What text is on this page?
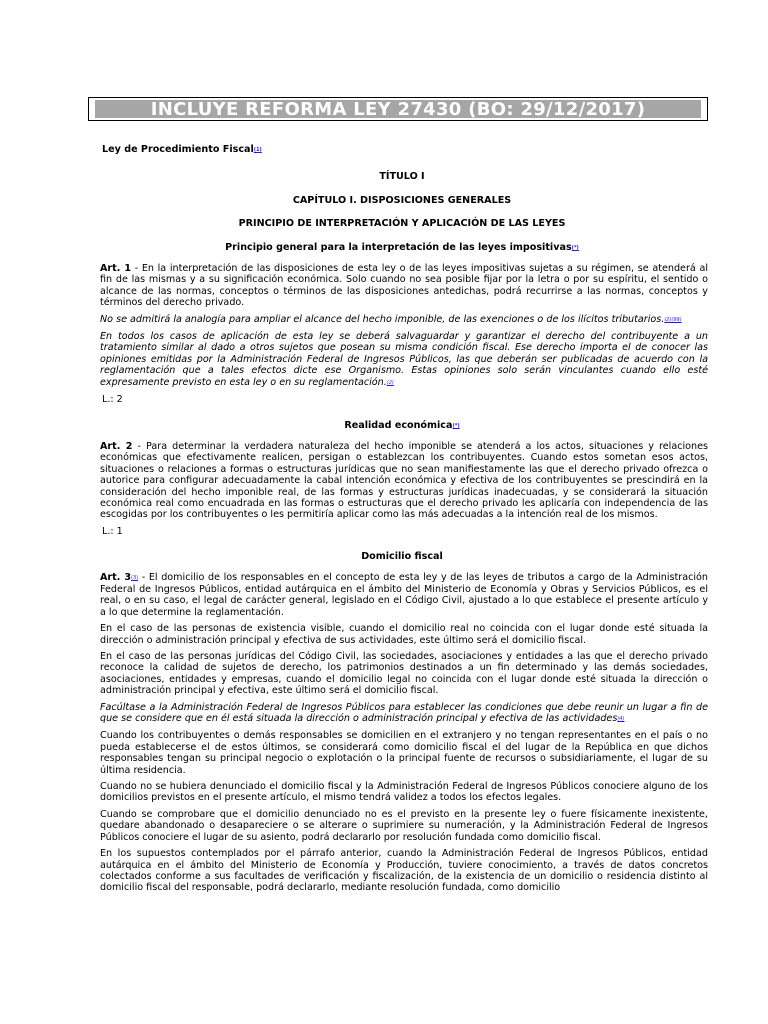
INCLUYE REFORMA LEY 27430 (BO: 29/12/2017)

Ley de Procedimiento Fiscal$^{(1)}$

TÍTULO I

CAPÍTULO I. DISPOSICIONES GENERALES

PRINCIPIO DE INTERPRETACIÓN Y APLICACIÓN DE LAS LEYES

Principio general para la interpretación de las leyes impositivas(*)

Art. 1 - En la interpretación de las disposiciones de esta ley o de las leyes impositivas sujetas a su régimen, se atenderá al fin de las mismas y a su significación económica. Solo cuando no sea posible fijar por la letra o por su espíritu, el sentido o alcance de las normas, conceptos o términos de las disposiciones antedichas, podrá recurrirse a las normas, conceptos y términos del derecho privado.

No se admitirá la analogía para ampliar el alcance del hecho imponible, de las exenciones o de los ilícitos tributarios.$^{(2)(99)}$

En todos los casos de aplicación de esta ley se deberá salvaguardar y garantizar el derecho del contribuyente a un tratamiento similar al dado a otros sujetos que posean su misma condición fiscal. Ese derecho importa el de conocer las opiniones emitidas por la Administración Federal de Ingresos Públicos, las que deberán ser publicadas de acuerdo con la reglamentación que a tales efectos dicte ese Organismo. Estas opiniones solo serán vinculantes cuando ello esté expresamente previsto en esta ley o en su reglamentación.$^{(2)}$

L.: 2

Realidad económica(*)

Art. 2 - Para determinar la verdadera naturaleza del hecho imponible se atenderá a los actos, situaciones y relaciones económicas que efectivamente realicen, persigan o establezcan los contribuyentes. Cuando estos sometan esos actos, situaciones o relaciones a formas o estructuras jurídicas que no sean manifiestamente las que el derecho privado ofrezca o autorice para configurar adecuadamente la cabal intención económica y efectiva de los contribuyentes se prescindirá en la consideración del hecho imponible real, de las formas y estructuras jurídicas inadecuadas, y se considerará la situación económica real como encuadrada en las formas o estructuras que el derecho privado les aplicaría con independencia de las escogidas por los contribuyentes o les permitiría aplicar como las más adecuadas a la intención real de los mismos.

L.: 1

Domicilio fiscal

Art. 3$^{(3)}$ - El domicilio de los responsables en el concepto de esta ley y de las leyes de tributos a cargo de la Administración Federal de Ingresos Públicos, entidad autárquica en el ámbito del Ministerio de Economía y Obras y Servicios Públicos, es el real, o en su caso, el legal de carácter general, legislado en el Código Civil, ajustado a lo que establece el presente artículo y a lo que determine la reglamentación.

En el caso de las personas de existencia visible, cuando el domicilio real no coincida con el lugar donde esté situada la dirección o administración principal y efectiva de sus actividades, este último será el domicilio fiscal.

En el caso de las personas jurídicas del Código Civil, las sociedades, asociaciones y entidades a las que el derecho privado reconoce la calidad de sujetos de derecho, los patrimonios destinados a un fin determinado y las demás sociedades, asociaciones, entidades y empresas, cuando el domicilio legal no coincida con el lugar donde esté situada la dirección o administración principal y efectiva, este último será el domicilio fiscal.

Facúltase a la Administración Federal de Ingresos Públicos para establecer las condiciones que debe reunir un lugar a fin de que se considere que en él está situada la dirección o administración principal y efectiva de las actividades$^{(4)}$

Cuando los contribuyentes o demás responsables se domicilien en el extranjero y no tengan representantes en el país o no pueda establecerse el de estos últimos, se considerará como domicilio fiscal el del lugar de la República en que dichos responsables tengan su principal negocio o explotación o la principal fuente de recursos o subsidiariamente, el lugar de su última residencia.

Cuando no se hubiera denunciado el domicilio fiscal y la Administración Federal de Ingresos Públicos conociere alguno de los domicilios previstos en el presente artículo, el mismo tendrá validez a todos los efectos legales.

Cuando se comprobare que el domicilio denunciado no es el previsto en la presente ley o fuere físicamente inexistente, quedare abandonado o desapareciere o se alterare o suprimiere su numeración, y la Administración Federal de Ingresos Públicos conociere el lugar de su asiento, podrá declararlo por resolución fundada como domicilio fiscal.

En los supuestos contemplados por el párrafo anterior, cuando la Administración Federal de Ingresos Públicos, entidad autárquica en el ámbito del Ministerio de Economía y Producción, tuviere conocimiento, a través de datos concretos colectados conforme a sus facultades de verificación y fiscalización, de la existencia de un domicilio o residencia distinto al domicilio fiscal del responsable, podrá declararlo, mediante resolución fundada, como domicilio
